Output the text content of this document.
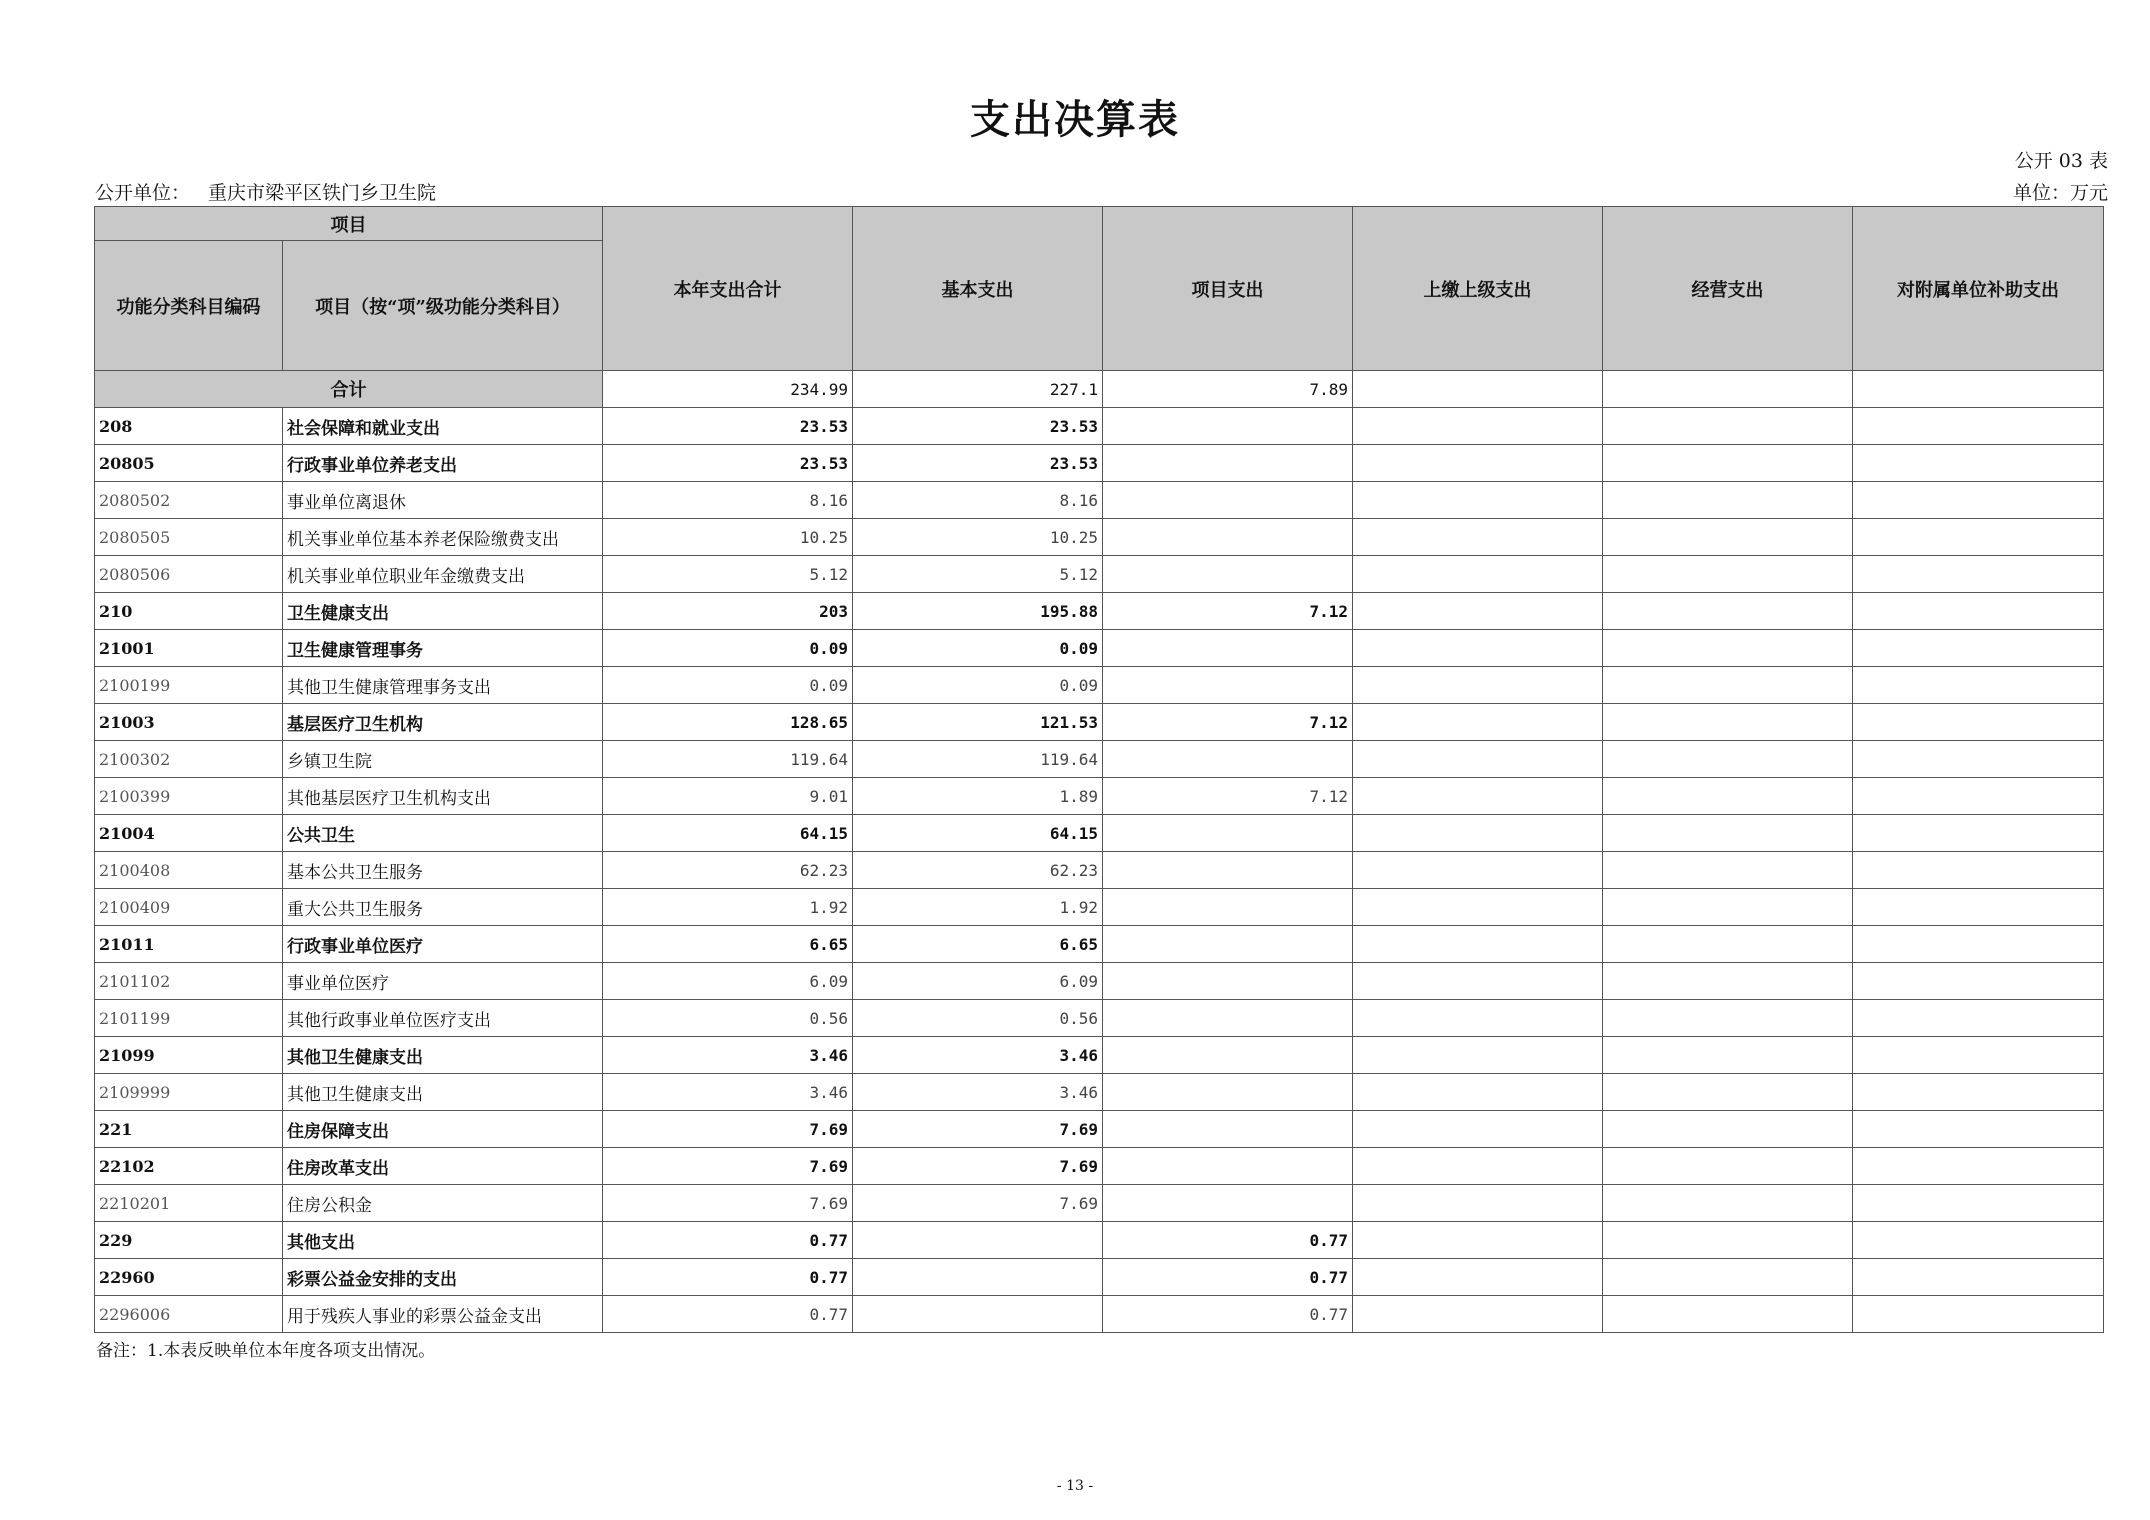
支出决算表
公开 03 表
公开单位： 重庆市梁平区铁门乡卫生院	单位：万元
项目		本年支出合计	基本支出	项目支出	上缴上级支出	经营支出	对附属单位补助支出
功能分类科目编码	项目（按“项”级功能分类科目）						
合计		234.99	227.1	7.89			
208	社会保障和就业支出	23.53	23.53				
20805	行政事业单位养老支出	23.53	23.53				
2080502	事业单位离退休	8.16	8.16				
2080505	机关事业单位基本养老保险缴费支出	10.25	10.25				
2080506	机关事业单位职业年金缴费支出	5.12	5.12				
210	卫生健康支出	203	195.88	7.12			
21001	卫生健康管理事务	0.09	0.09				
2100199	其他卫生健康管理事务支出	0.09	0.09				
21003	基层医疗卫生机构	128.65	121.53	7.12			
2100302	乡镇卫生院	119.64	119.64				
2100399	其他基层医疗卫生机构支出	9.01	1.89	7.12			
21004	公共卫生	64.15	64.15				
2100408	基本公共卫生服务	62.23	62.23				
2100409	重大公共卫生服务	1.92	1.92				
21011	行政事业单位医疗	6.65	6.65				
2101102	事业单位医疗	6.09	6.09				
2101199	其他行政事业单位医疗支出	0.56	0.56				
21099	其他卫生健康支出	3.46	3.46				
2109999	其他卫生健康支出	3.46	3.46				
221	住房保障支出	7.69	7.69				
22102	住房改革支出	7.69	7.69				
2210201	住房公积金	7.69	7.69				
229	其他支出	0.77		0.77			
22960	彩票公益金安排的支出	0.77		0.77			
2296006	用于残疾人事业的彩票公益金支出	0.77		0.77			
备注：1.本表反映单位本年度各项支出情况。
- 13 -
